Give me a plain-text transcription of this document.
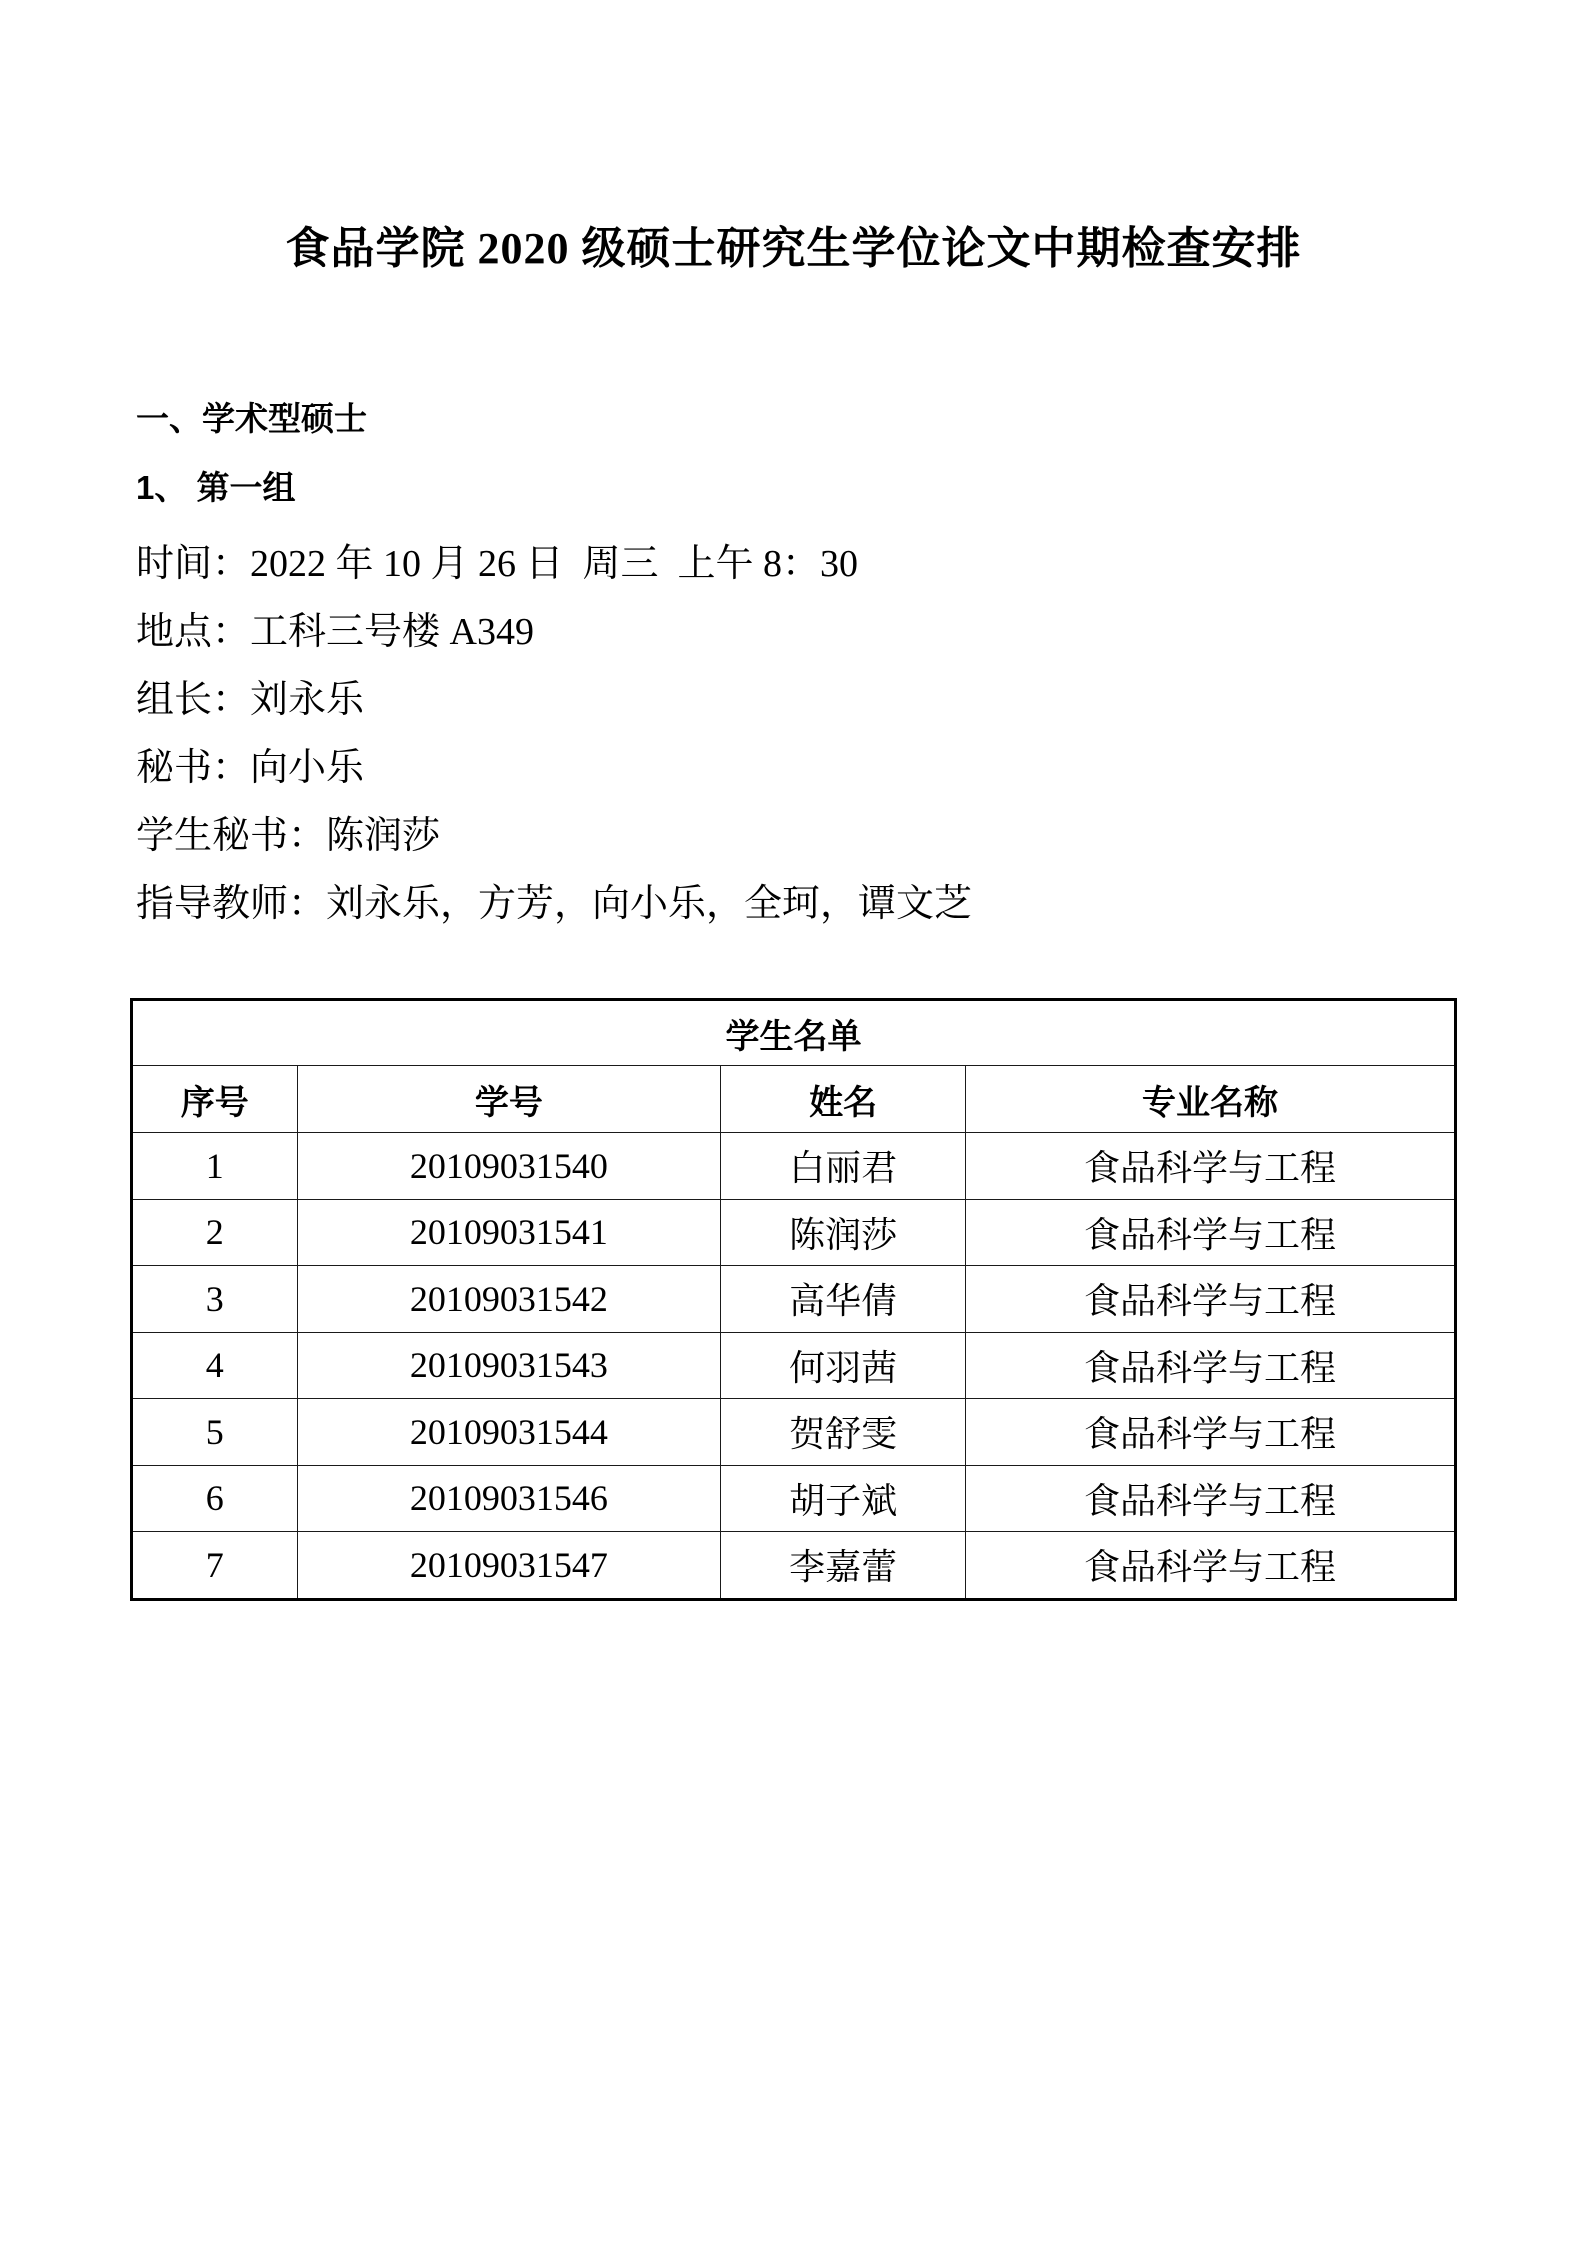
食品学院 2020 级硕士研究生学位论文中期检查安排
一、学术型硕士
1、 第一组

时间：2022 年 10 月 26 日  周三  上午 8：30

地点：工科三号楼 A349

组长：刘永乐

秘书：向小乐

学生秘书：陈润莎

指导教师：刘永乐，方芳，向小乐，全珂，谭文芝

学生名单			
序号	学号	姓名	专业名称
1	20109031540	白丽君	食品科学与工程
2	20109031541	陈润莎	食品科学与工程
3	20109031542	高华倩	食品科学与工程
4	20109031543	何羽茜	食品科学与工程
5	20109031544	贺舒雯	食品科学与工程
6	20109031546	胡子斌	食品科学与工程
7	20109031547	李嘉蕾	食品科学与工程
